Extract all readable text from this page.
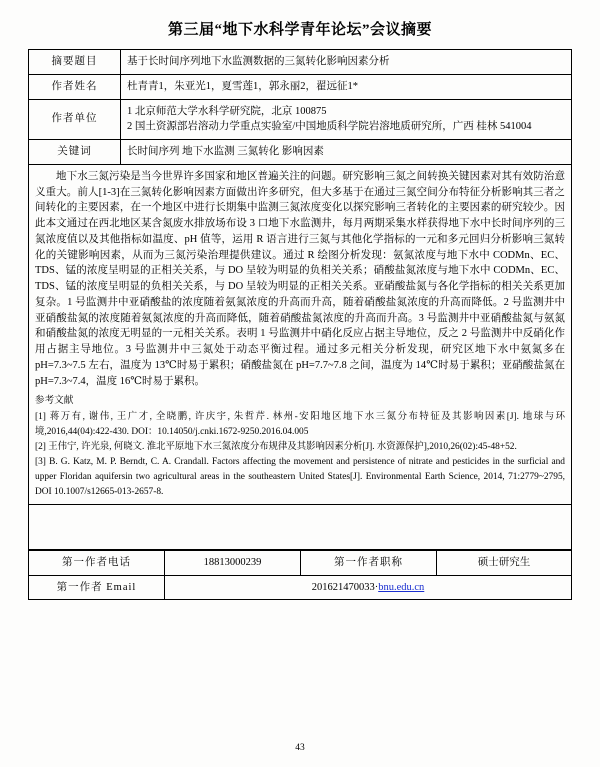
第三届“地下水科学青年论坛”会议摘要
摘要题目	基于长时间序列地下水监测数据的三氮转化影响因素分析
作者姓名	杜青青1，朱亚光1，夏雪莲1，郭永丽2，翟远征1*
作者单位	1 北京师范大学水科学研究院，北京 100875
2 国土资源部岩溶动力学重点实验室/中国地质科学院岩溶地质研究所，广西 桂林 541004

关键词	长时间序列 地下水监测 三氮转化 影响因素

地下水三氮污染是当今世界许多国家和地区普遍关注的问题。研究影响三氮之间转换关键因素对其有效防治意义重大。前人[1-3]在三氮转化影响因素方面做出许多研究，但大多基于在通过三氮空间分布特征分析影响其三者之间转化的主要因素，在一个地区中进行长期集中监测三氮浓度变化以探究影响三者转化的主要因素的研究较少。因此本文通过在西北地区某含氮废水排放场布设 3 口地下水监测井，每月两期采集水样获得地下水中长时间序列的三氮浓度值以及其他指标如温度、pH 值等，运用 R 语言进行三氮与其他化学指标的一元和多元回归分析影响三氮转化的关键影响因素，从而为三氮污染治理提供建议。通过 R 绘图分析发现：氨氮浓度与地下水中 CODMn、EC、TDS、锰的浓度呈明显的正相关关系，与 DO 呈较为明显的负相关关系；硝酸盐氮浓度与地下水中 CODMn、EC、TDS、锰的浓度呈明显的负相关关系，与 DO 呈较为明显的正相关关系。亚硝酸盐氮与各化学指标的相关关系更加复杂。1 号监测井中亚硝酸盐的浓度随着氨氮浓度的升高而升高，随着硝酸盐氮浓度的升高而降低。2 号监测井中亚硝酸盐氮的浓度随着氨氮浓度的升高而降低，随着硝酸盐氮浓度的升高而升高。3 号监测井中亚硝酸盐氮与氨氮和硝酸盐氮的浓度无明显的一元相关关系。表明 1 号监测井中硝化反应占据主导地位，反之 2 号监测井中反硝化作用占据主导地位。3 号监测井中三氮处于动态平衡过程。通过多元相关分析发现，研究区地下水中氨氮多在 pH=7.3~7.5 左右，温度为 13℃时易于累积；硝酸盐氮在 pH=7.7~7.8 之间，温度为 14℃时易于累积；亚硝酸盐氮在 pH=7.3~7.4，温度 16℃时易于累积。

参考文献

[1] 蒋万有, 谢伟, 王广才, 全晓鹏, 许庆宇, 朱哲芹. 林州-安阳地区地下水三氮分布特征及其影响因素[J]. 地球与环境,2016,44(04):422-430. DOI：10.14050/j.cnki.1672-9250.2016.04.005

[2] 王伟宁, 许光泉, 何晓文. 淮北平原地下水三氮浓度分布规律及其影响因素分析[J]. 水资源保护],2010,26(02):45-48+52.

[3] B. G. Katz, M. P. Berndt, C. A. Crandall. Factors affecting the movement and persistence of nitrate and pesticides in the surficial and upper Floridan aquifersin two agricultural areas in the southeastern United States[J]. Environmental Earth Science, 2014, 71:2779~2795, DOI 10.1007/s12665-013-2657-8.	

第一作者电话	18813000239	第一作者职称	硕士研究生
第一作者 Email	201621470033·bnu.edu.cn		
43
